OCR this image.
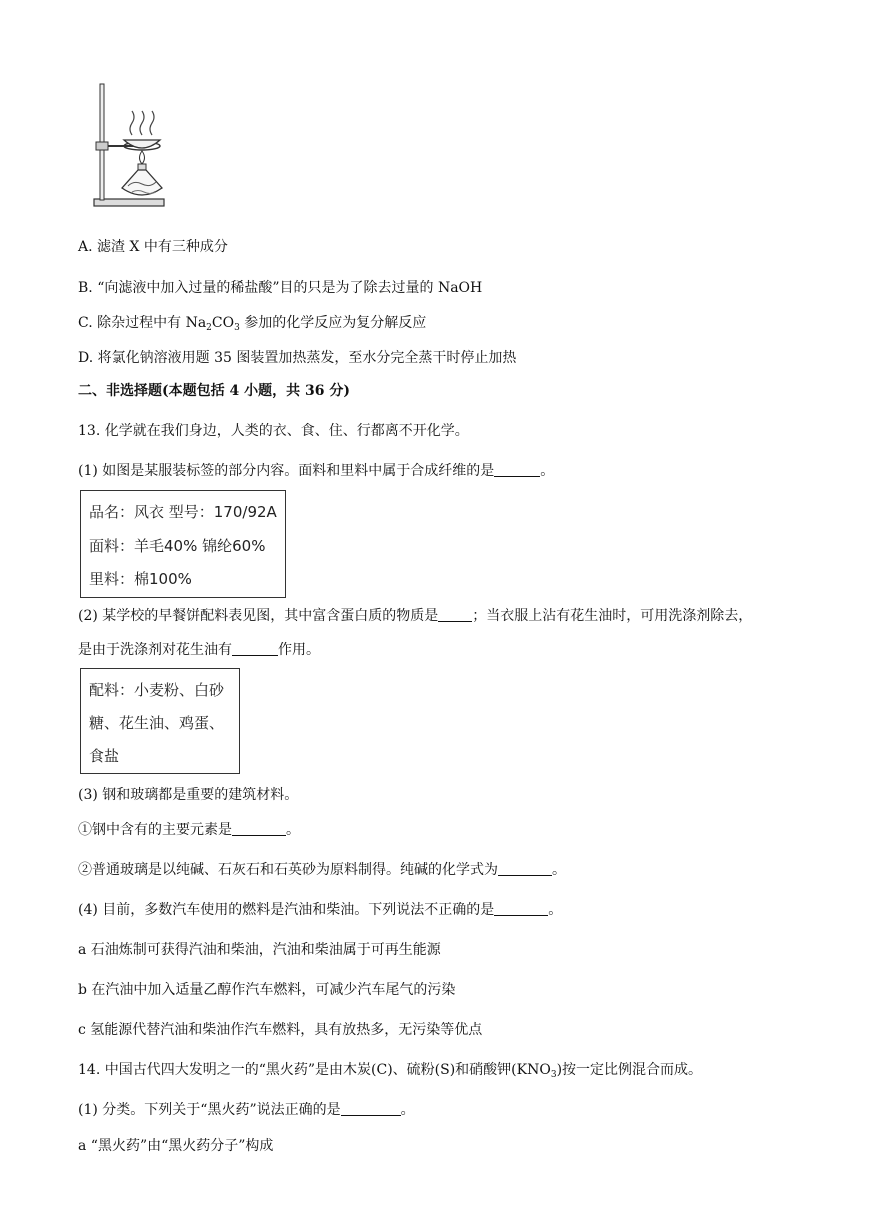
A. 滤渣 X 中有三种成分
B. “向滤液中加入过量的稀盐酸”目的只是为了除去过量的 NaOH
C. 除杂过程中有 $Na_2CO_3$ 参加的化学反应为复分解反应
D. 将氯化钠溶液用题 35 图装置加热蒸发，至水分完全蒸干时停止加热
二、非选择题(本题包括 4 小题，共 36 分)
13. 化学就在我们身边，人类的衣、食、住、行都离不开化学。
(1) 如图是某服装标签的部分内容。面料和里料中属于合成纤维的是	。
品名：风衣 型号：170/92A
面料：羊毛40% 锦纶60%
里料：棉100%
(2) 某学校的早餐饼配料表见图，其中富含蛋白质的物质是 ；当衣服上沾有花生油时，可用洗涤剂除去，
是由于洗涤剂对花生油有	作用。
配料：小麦粉、白砂
糖、花生油、鸡蛋、
食盐
(3) 钢和玻璃都是重要的建筑材料。
①钢中含有的主要元素是	。
②普通玻璃是以纯碱、石灰石和石英砂为原料制得。纯碱的化学式为	。
(4) 目前，多数汽车使用的燃料是汽油和柴油。下列说法不正确的是	。
a 石油炼制可获得汽油和柴油，汽油和柴油属于可再生能源
b 在汽油中加入适量乙醇作汽车燃料，可减少汽车尾气的污染
c 氢能源代替汽油和柴油作汽车燃料，具有放热多，无污染等优点
14. 中国古代四大发明之一的“黑火药”是由木炭(C)、硫粉(S)和硝酸钾$(KNO_3)$按一定比例混合而成。
(1) 分类。下列关于“黑火药”说法正确的是	。
a “黑火药”由“黑火药分子”构成
